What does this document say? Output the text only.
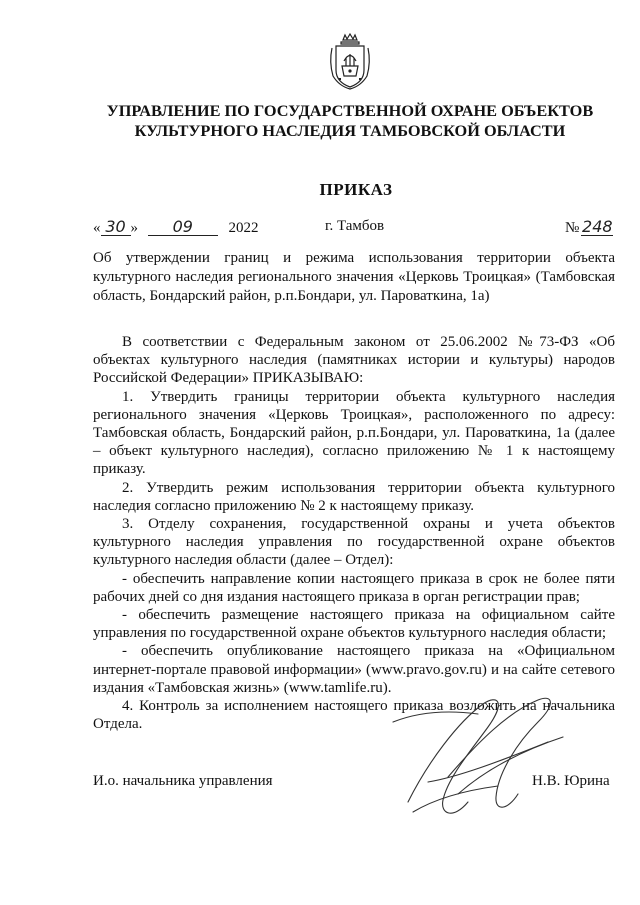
УПРАВЛЕНИЕ ПО ГОСУДАРСТВЕННОЙ ОХРАНЕ ОБЪЕКТОВ
КУЛЬТУРНОГО НАСЛЕДИЯ ТАМБОВСКОЙ ОБЛАСТИ
ПРИКАЗ
« 30 » 09 2022	г. Тамбов	№ 248
Об утверждении границ и режима использования территории объекта культурного наследия регионального значения «Церковь Троицкая» (Тамбовская область, Бондарский район, р.п.Бондари, ул. Пароваткина, 1а)

В соответствии с Федеральным законом от 25.06.2002 №73-ФЗ «Об объектах культурного наследия (памятниках истории и культуры) народов Российской Федерации» ПРИКАЗЫВАЮ:

1. Утвердить границы территории объекта культурного наследия регионального значения «Церковь Троицкая», расположенного по адресу: Тамбовская область, Бондарский район, р.п.Бондари, ул. Пароваткина, 1а (далее – объект культурного наследия), согласно приложению № 1 к настоящему приказу.

2. Утвердить режим использования территории объекта культурного наследия согласно приложению № 2 к настоящему приказу.

3. Отделу сохранения, государственной охраны и учета объектов культурного наследия управления по государственной охране объектов культурного наследия области (далее – Отдел):

- обеспечить направление копии настоящего приказа в срок не более пяти рабочих дней со дня издания настоящего приказа в орган регистрации прав;

- обеспечить размещение настоящего приказа на официальном сайте управления по государственной охране объектов культурного наследия области;

- обеспечить опубликование настоящего приказа на «Официальном интернет-портале правовой информации» (www.pravo.gov.ru) и на сайте сетевого издания «Тамбовская жизнь» (www.tamlife.ru).

4. Контроль за исполнением настоящего приказа возложить на начальника Отдела.

И.о. начальника управления	Н.В. Юрина
